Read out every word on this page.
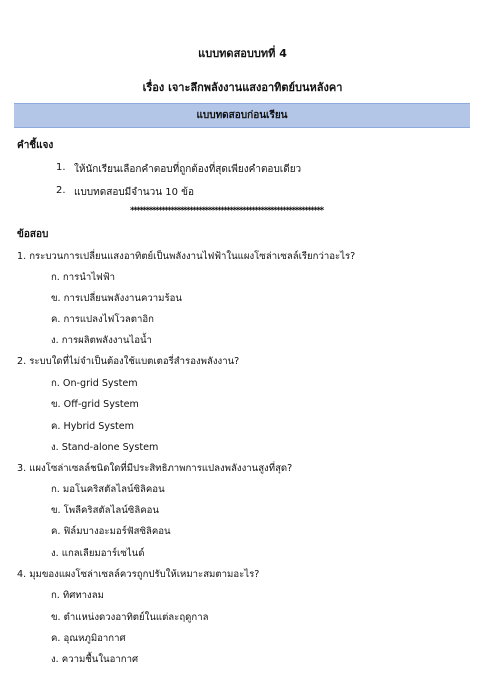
แบบทดสอบบทที่ 4
เรื่อง เจาะลึกพลังงานแสงอาทิตย์บนหลังคา
แบบทดสอบก่อนเรียน
คำชี้แจง
1. ให้นักเรียนเลือกคำตอบที่ถูกต้องที่สุดเพียงคำตอบเดียว
2. แบบทดสอบมีจำนวน 10 ข้อ
**************************************************************
ข้อสอบ
1. กระบวนการเปลี่ยนแสงอาทิตย์เป็นพลังงานไฟฟ้าในแผงโซล่าเซลล์เรียกว่าอะไร?
ก. การนำไฟฟ้า
ข. การเปลี่ยนพลังงานความร้อน
ค. การแปลงไฟโวลตาอิก
ง. การผลิตพลังงานไอน้ำ
2. ระบบใดที่ไม่จำเป็นต้องใช้แบตเตอรี่สำรองพลังงาน?
ก. On-grid System
ข. Off-grid System
ค. Hybrid System
ง. Stand-alone System
3. แผงโซล่าเซลล์ชนิดใดที่มีประสิทธิภาพการแปลงพลังงานสูงที่สุด?
ก. มอโนคริสตัลไลน์ซิลิคอน
ข. โพลีคริสตัลไลน์ซิลิคอน
ค. ฟิล์มบางอะมอร์ฟัสซิลิคอน
ง. แกลเลียมอาร์เซไนด์
4. มุมของแผงโซล่าเซลล์ควรถูกปรับให้เหมาะสมตามอะไร?
ก. ทิศทางลม
ข. ตำแหน่งดวงอาทิตย์ในแต่ละฤดูกาล
ค. อุณหภูมิอากาศ
ง. ความชื้นในอากาศ
